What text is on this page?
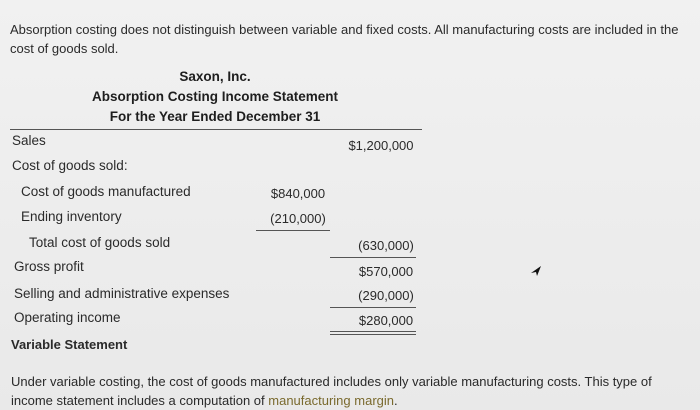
Absorption costing does not distinguish between variable and fixed costs. All manufacturing costs are included in the cost of goods sold.
Saxon, Inc.
Absorption Costing Income Statement
For the Year Ended December 31
Sales	$1,200,000
Cost of goods sold:
Cost of goods manufactured	$840,000
Ending inventory	(210,000)
Total cost of goods sold	(630,000)
Gross profit	$570,000
Selling and administrative expenses	(290,000)
Operating income	$280,000
Variable Statement
Under variable costing, the cost of goods manufactured includes only variable manufacturing costs. This type of income statement includes a computation of manufacturing margin.
